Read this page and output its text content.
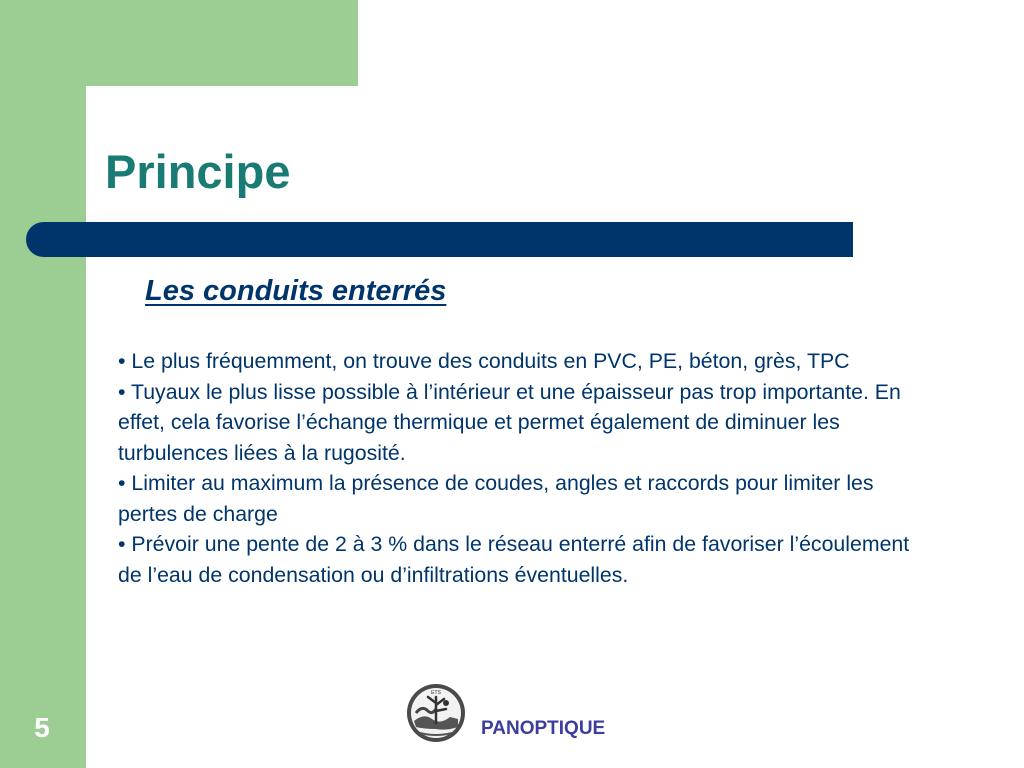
Principe
Les conduits enterrés

• Le plus fréquemment, on trouve des conduits en PVC, PE, béton, grès, TPC

• Tuyaux le plus lisse possible à l’intérieur et une épaisseur pas trop importante. En effet, cela favorise l’échange thermique et permet également de diminuer les turbulences liées à la rugosité.

• Limiter au maximum la présence de coudes, angles et raccords pour limiter les pertes de charge

• Prévoir une pente de 2 à 3 % dans le réseau enterré afin de favoriser l’écoulement de l’eau de condensation ou d’infiltrations éventuelles.

5
ETS
PANOPTIQUE
